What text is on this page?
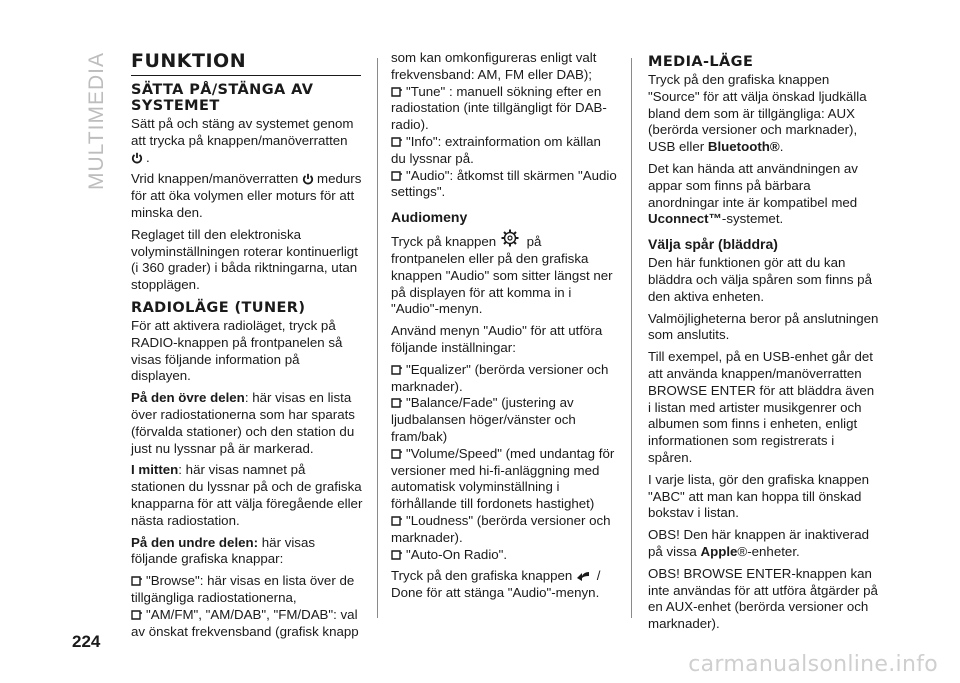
MULTIMEDIA FUNKTION
SÄTTA PÅ/STÄNGA AV SYSTEMET

Sätt på och stäng av systemet genom att trycka på knappen/manöverratten
.

Vrid knappen/manöverratten medurs för att öka volymen eller moturs för att minska den.

Reglaget till den elektroniska volyminställningen roterar kontinuerligt (i 360 grader) i båda riktningarna, utan stopplägen.

RADIOLÄGE (TUNER)

För att aktivera radioläget, tryck på RADIO-knappen på frontpanelen så visas följande information på displayen.

På den övre delen: här visas en lista över radiostationerna som har sparats (förvalda stationer) och den station du just nu lyssnar på är markerad.

I mitten: här visas namnet på stationen du lyssnar på och de grafiska knapparna för att välja föregående eller nästa radiostation.

På den undre delen: här visas följande grafiska knappar:

"Browse": här visas en lista över de tillgängliga radiostationerna,

"AM/FM", "AM/DAB", "FM/DAB": val av önskat frekvensband (grafisk knapp

som kan omkonfigureras enligt valt frekvensband: AM, FM eller DAB);

"Tune" : manuell sökning efter en radiostation (inte tillgängligt för DAB-radio).

"Info": extrainformation om källan du lyssnar på.

"Audio": åtkomst till skärmen "Audio settings".

Audiomeny

Tryck på knappen på frontpanelen eller på den grafiska knappen "Audio" som sitter längst ner på displayen för att komma in i "Audio"-menyn.

Använd menyn "Audio" för att utföra följande inställningar:

"Equalizer" (berörda versioner och marknader).

"Balance/Fade" (justering av ljudbalansen höger/vänster och fram/bak)

"Volume/Speed" (med undantag för versioner med hi-fi-anläggning med automatisk volyminställning i förhållande till fordonets hastighet)

"Loudness" (berörda versioner och marknader).

"Auto-On Radio".

Tryck på den grafiska knappen / Done för att stänga "Audio"-menyn.

MEDIA-LÄGE

Tryck på den grafiska knappen "Source" för att välja önskad ljudkälla bland dem som är tillgängliga: AUX (berörda versioner och marknader), USB eller Bluetooth®.

Det kan hända att användningen av appar som finns på bärbara anordningar inte är kompatibel med Uconnect™-systemet.

Välja spår (bläddra)

Den här funktionen gör att du kan bläddra och välja spåren som finns på den aktiva enheten.

Valmöjligheterna beror på anslutningen som anslutits.

Till exempel, på en USB-enhet går det att använda knappen/manöverratten BROWSE ENTER för att bläddra även i listan med artister musikgenrer och albumen som finns i enheten, enligt informationen som registrerats i spåren.

I varje lista, gör den grafiska knappen "ABC" att man kan hoppa till önskad bokstav i listan.

OBS! Den här knappen är inaktiverad på vissa Apple®-enheter.

OBS! BROWSE ENTER-knappen kan inte användas för att utföra åtgärder på en AUX-enhet (berörda versioner och marknader).

224
carmanualsonline.info
